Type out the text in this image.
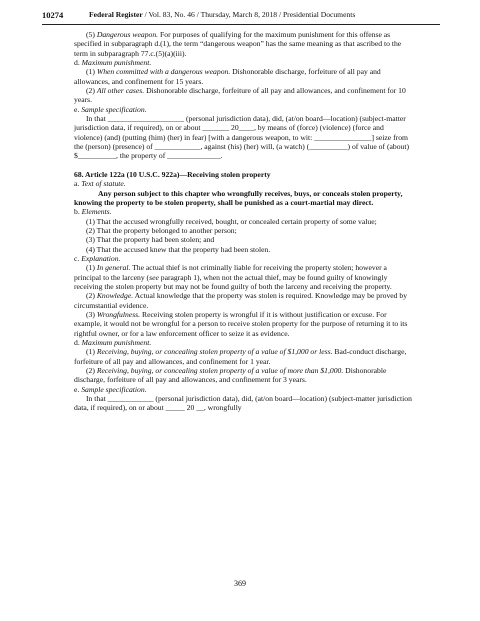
10274	Federal Register / Vol. 83, No. 46 / Thursday, March 8, 2018 / Presidential Documents

(5) Dangerous weapon. For purposes of qualifying for the maximum punishment for this offense as specified in subparagraph d.(1), the term “dangerous weapon” has the same meaning as that ascribed to the term in subparagraph 77.c.(5)(a)(iii).

d. Maximum punishment.

(1) When committed with a dangerous weapon. Dishonorable discharge, forfeiture of all pay and allowances, and confinement for 15 years.

(2) All other cases. Dishonorable discharge, forfeiture of all pay and allowances, and confinement for 10 years.

e. Sample specification.

In that ____________________ (personal jurisdiction data), did, (at/on board—location) (subject-matter jurisdiction data, if required), on or about _______ 20____, by means of (force) (violence) (force and violence) (and) (putting (him) (her) in fear) [with a dangerous weapon, to wit: _______________] seize from the (person) (presence) of ____________, against (his) (her) will, (a watch) (__________) of value of (about) $__________, the property of ______________.

68. Article 122a (10 U.S.C. 922a)—Receiving stolen property

a. Text of statute.

Any person subject to this chapter who wrongfully receives, buys, or conceals stolen property, knowing the property to be stolen property, shall be punished as a court-martial may direct.

b. Elements.

(1) That the accused wrongfully received, bought, or concealed certain property of some value;

(2) That the property belonged to another person;

(3) That the property had been stolen; and

(4) That the accused knew that the property had been stolen.

c. Explanation.

(1) In general. The actual thief is not criminally liable for receiving the property stolen; however a principal to the larceny (see paragraph 1), when not the actual thief, may be found guilty of knowingly receiving the stolen property but may not be found guilty of both the larceny and receiving the property.

(2) Knowledge. Actual knowledge that the property was stolen is required. Knowledge may be proved by circumstantial evidence.

(3) Wrongfulness. Receiving stolen property is wrongful if it is without justification or excuse. For example, it would not be wrongful for a person to receive stolen property for the purpose of returning it to its rightful owner, or for a law enforcement officer to seize it as evidence.

d. Maximum punishment.

(1) Receiving, buying, or concealing stolen property of a value of $1,000 or less. Bad-conduct discharge, forfeiture of all pay and allowances, and confinement for 1 year.

(2) Receiving, buying, or concealing stolen property of a value of more than $1,000. Dishonorable discharge, forfeiture of all pay and allowances, and confinement for 3 years.

e. Sample specification.

In that ____________ (personal jurisdiction data), did, (at/on board—location) (subject-matter jurisdiction data, if required), on or about _____ 20 __, wrongfully

369
